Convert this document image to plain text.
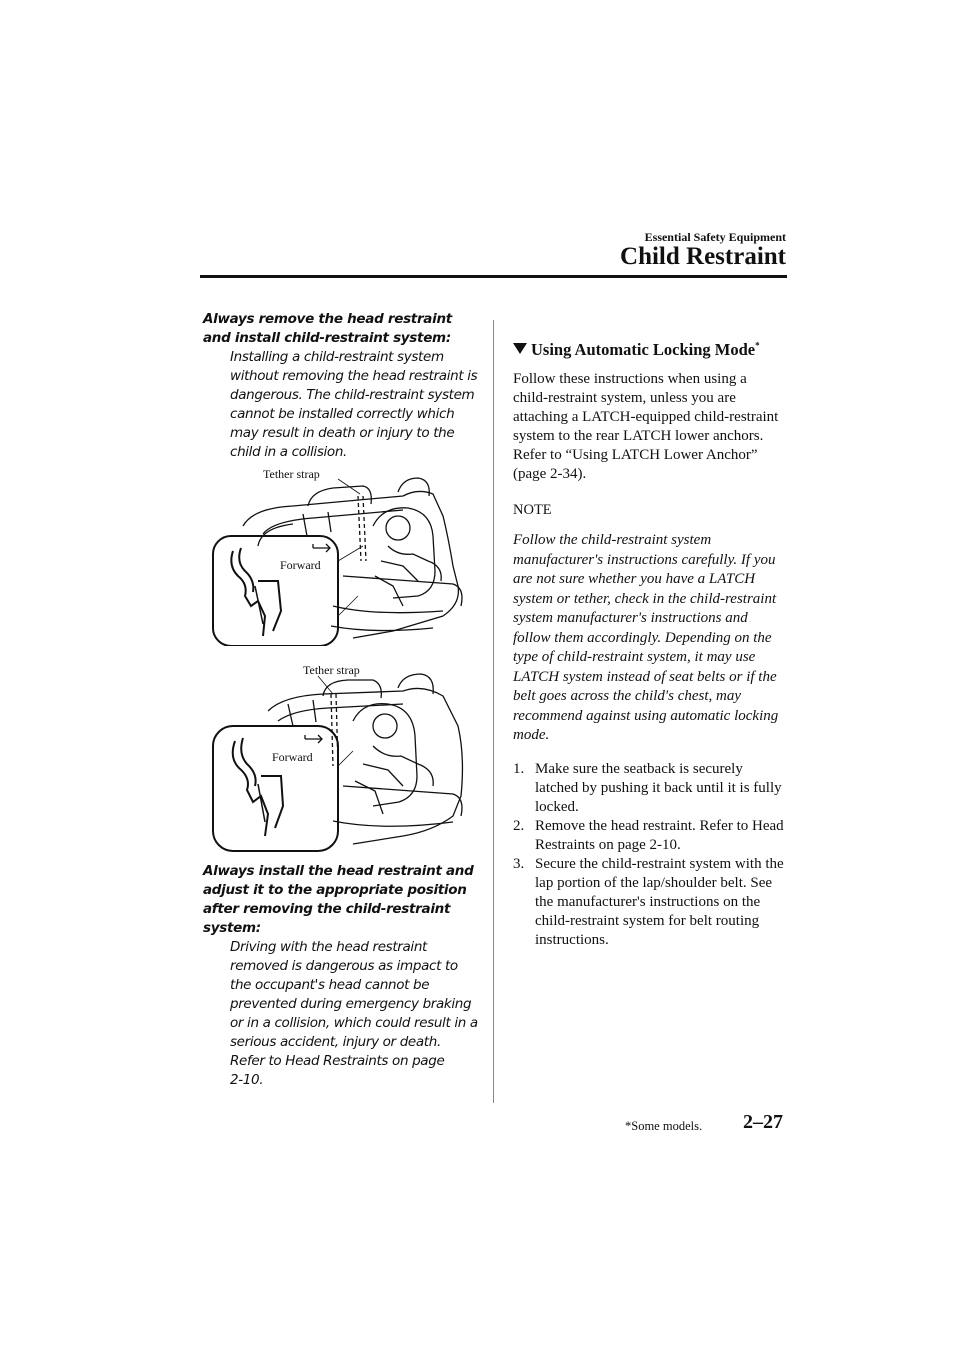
Essential Safety Equipment
Child Restraint
Always remove the head restraint and install child-restraint system:
Installing a child-restraint system without removing the head restraint is dangerous. The child-restraint system cannot be installed correctly which may result in death or injury to the child in a collision.
Tether strap
Forward
Tether strap
Forward
Always install the head restraint and adjust it to the appropriate position after removing the child-restraint system:
Driving with the head restraint removed is dangerous as impact to the occupant's head cannot be prevented during emergency braking or in a collision, which could result in a serious accident, injury or death.
Refer to Head Restraints on page 2-10.
Using Automatic Locking Mode*
Follow these instructions when using a child-restraint system, unless you are attaching a LATCH-equipped child-restraint system to the rear LATCH lower anchors. Refer to “Using LATCH Lower Anchor” (page 2-34).
NOTE
Follow the child-restraint system manufacturer's instructions carefully. If you are not sure whether you have a LATCH system or tether, check in the child-restraint system manufacturer's instructions and follow them accordingly. Depending on the type of child-restraint system, it may use LATCH system instead of seat belts or if the belt goes across the child's chest, may recommend against using automatic locking mode.
1. Make sure the seatback is securely latched by pushing it back until it is fully locked.
2. Remove the head restraint. Refer to Head Restraints on page 2-10.
3. Secure the child-restraint system with the lap portion of the lap/shoulder belt. See the manufacturer's instructions on the child-restraint system for belt routing instructions.
*Some models. 2–27
